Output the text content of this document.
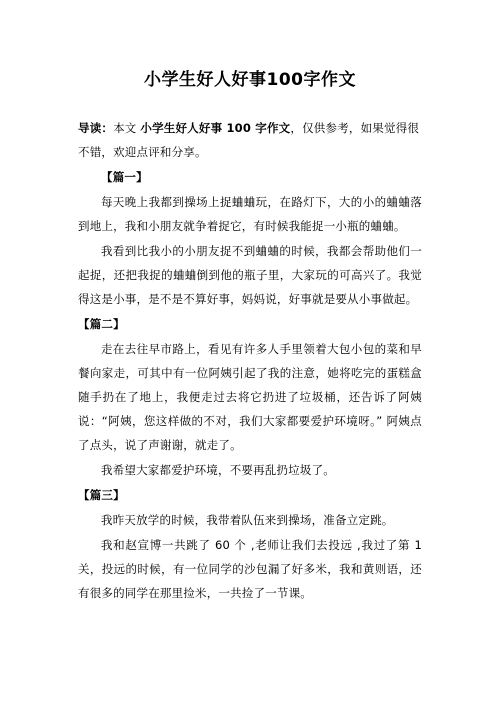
小学生好人好事100字作文

导读：本文 小学生好人好事 100 字作文，仅供参考，如果觉得很不错，欢迎点评和分享。

【篇一】

每天晚上我都到操场上捉蛐蛐玩，在路灯下，大的小的蛐蛐落到地上，我和小朋友就争着捉它，有时候我能捉一小瓶的蛐蛐。

我看到比我小的小朋友捉不到蛐蛐的时候，我都会帮助他们一起捉，还把我捉的蛐蛐倒到他的瓶子里，大家玩的可高兴了。我觉得这是小事，是不是不算好事，妈妈说，好事就是要从小事做起。

【篇二】

走在去往早市路上，看见有许多人手里领着大包小包的菜和早餐向家走，可其中有一位阿姨引起了我的注意，她将吃完的蛋糕盒随手扔在了地上，我便走过去将它扔进了垃圾桶，还告诉了阿姨说：“阿姨，您这样做的不对，我们大家都要爱护环境呀。” 阿姨点了点头，说了声谢谢，就走了。

我希望大家都爱护环境，不要再乱扔垃圾了。

【篇三】

我昨天放学的时候，我带着队伍来到操场，准备立定跳。

我和赵宣博一共跳了 60 个 ,老师让我们去投远 ,我过了第 1 关，投远的时候，有一位同学的沙包漏了好多米，我和黄则语，还有很多的同学在那里捡米，一共捡了一节课。
